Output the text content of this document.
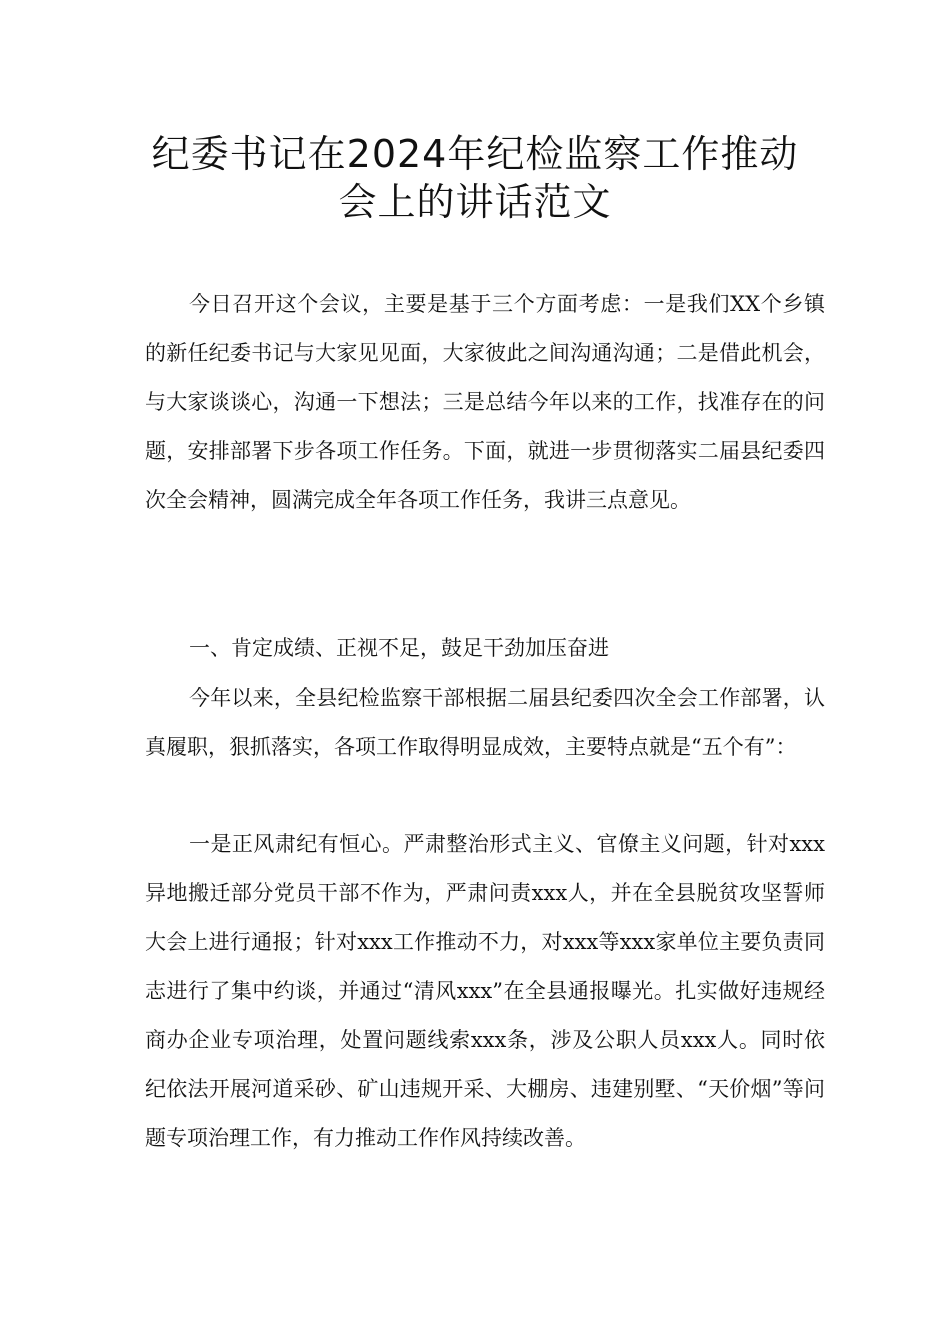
纪委书记在2024年纪检监察工作推动
会上的讲话范文

今日召开这个会议，主要是基于三个方面考虑：一是我们XX个乡镇的新任纪委书记与大家见见面，大家彼此之间沟通沟通；二是借此机会，与大家谈谈心，沟通一下想法；三是总结今年以来的工作，找准存在的问题，安排部署下步各项工作任务。下面，就进一步贯彻落实二届县纪委四次全会精神，圆满完成全年各项工作任务，我讲三点意见。

一、肯定成绩、正视不足，鼓足干劲加压奋进

今年以来，全县纪检监察干部根据二届县纪委四次全会工作部署，认真履职，狠抓落实，各项工作取得明显成效，主要特点就是“五个有”：

一是正风肃纪有恒心。严肃整治形式主义、官僚主义问题，针对xxx异地搬迁部分党员干部不作为，严肃问责xxx人，并在全县脱贫攻坚誓师大会上进行通报；针对xxx工作推动不力，对xxx等xxx家单位主要负责同志进行了集中约谈，并通过“清风xxx”在全县通报曝光。扎实做好违规经商办企业专项治理，处置问题线索xxx条，涉及公职人员xxx人。同时依纪依法开展河道采砂、矿山违规开采、大棚房、违建别墅、“天价烟”等问题专项治理工作，有力推动工作作风持续改善。
